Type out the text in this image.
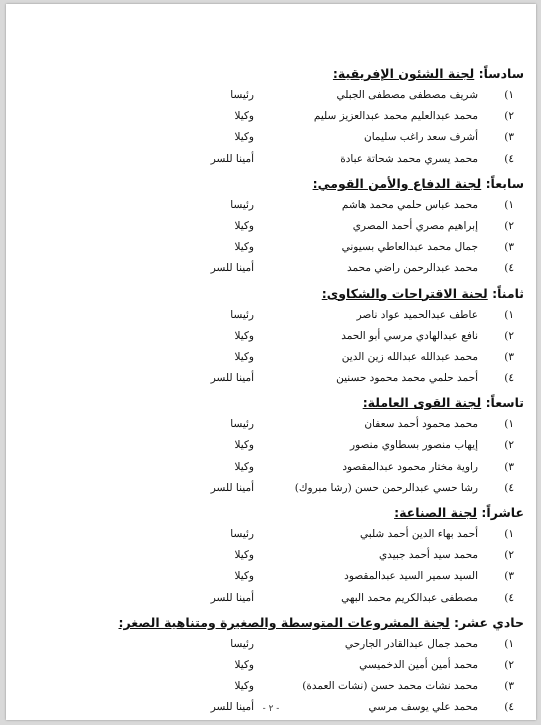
سادساً: لجنة الشئون الإفريقية:
١)
شريف مصطفى مصطفى الجبلي
رئيسا
٢)
محمد عبدالعليم محمد عبدالعزيز سليم
وكيلا
٣)
أشرف سعد راغب سليمان
وكيلا
٤)
محمد يسري محمد شحاتة عبادة
أمينا للسر
سابعاً: لجنة الدفاع والأمن القومي:
١)
محمد عباس حلمي محمد هاشم
رئيسا
٢)
إبراهيم مصري أحمد المصري
وكيلا
٣)
جمال محمد عبدالعاطي بسيوني
وكيلا
٤)
محمد عبدالرحمن راضي محمد
أمينا للسر
ثامناً: لجنة الاقتراحات والشكاوى:
١)
عاطف عبدالحميد عواد ناصر
رئيسا
٢)
نافع عبدالهادي مرسي أبو الحمد
وكيلا
٣)
محمد عبدالله عبدالله زين الدين
وكيلا
٤)
أحمد حلمي محمد محمود حسنين
أمينا للسر
تاسعاً: لجنة القوى العاملة:
١)
محمد محمود أحمد سعفان
رئيسا
٢)
إيهاب منصور بسطاوي منصور
وكيلا
٣)
راوية مختار محمود عبدالمقصود
وكيلا
٤)
رشا حسي عبدالرحمن حسن (رشا مبروك)
أمينا للسر
عاشراً: لجنة الصناعة:
١)
أحمد بهاء الدين أحمد شلبي
رئيسا
٢)
محمد سيد أحمد جبيدي
وكيلا
٣)
السيد سمير السيد عبدالمقصود
وكيلا
٤)
مصطفى عبدالكريم محمد البهي
أمينا للسر
حادي عشر: لجنة المشروعات المتوسطة والصغيرة ومتناهية الصغر:
١)
محمد جمال عبدالقادر الجارحي
رئيسا
٢)
محمد أمين أمين الدخميسي
وكيلا
٣)
محمد نشات محمد حسن (نشات العمدة)
وكيلا
٤)
محمد علي يوسف مرسي
أمينا للسر - ٢ -
